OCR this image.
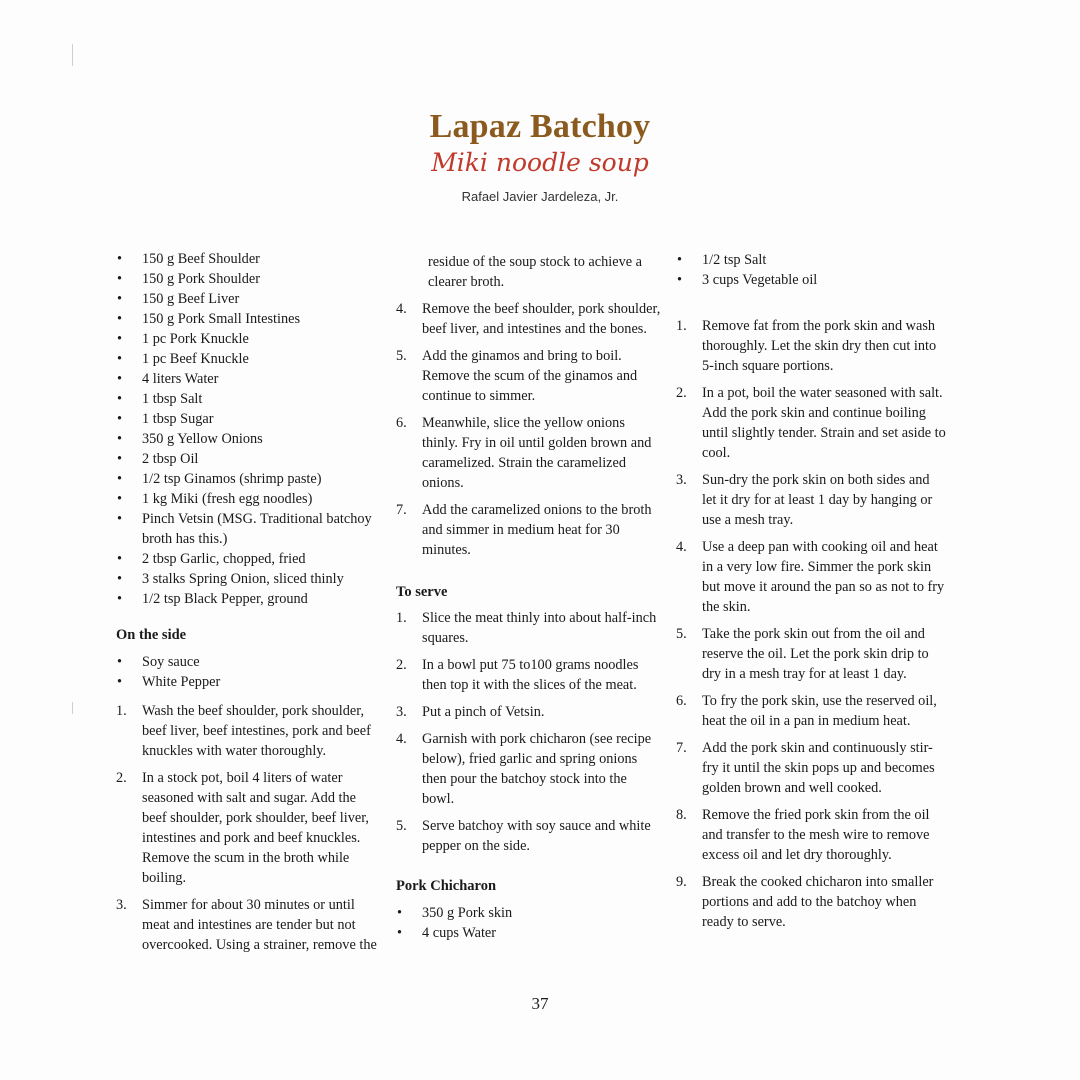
Lapaz Batchoy
Miki noodle soup
Rafael Javier Jardeleza, Jr.
• 150 g Beef Shoulder
• 150 g Pork Shoulder
• 150 g Beef Liver
• 150 g Pork Small Intestines
• 1 pc Pork Knuckle
• 1 pc Beef Knuckle
• 4 liters Water
• 1 tbsp Salt
• 1 tbsp Sugar
• 350 g Yellow Onions
• 2 tbsp Oil
• 1/2 tsp Ginamos (shrimp paste)
• 1 kg Miki (fresh egg noodles)
• Pinch Vetsin (MSG. Traditional batchoy broth has this.)
• 2 tbsp Garlic, chopped, fried
• 3 stalks Spring Onion, sliced thinly
• 1/2 tsp Black Pepper, ground
On the side
• Soy sauce
• White Pepper
1. Wash the beef shoulder, pork shoulder, beef liver, beef intestines, pork and beef knuckles with water thoroughly.
2. In a stock pot, boil 4 liters of water seasoned with salt and sugar. Add the beef shoulder, pork shoulder, beef liver, intestines and pork and beef knuckles. Remove the scum in the broth while boiling.
3. Simmer for about 30 minutes or until meat and intestines are tender but not overcooked. Using a strainer, remove the
residue of the soup stock to achieve a clearer broth.
4. Remove the beef shoulder, pork shoulder, beef liver, and intestines and the bones.
5. Add the ginamos and bring to boil. Remove the scum of the ginamos and continue to simmer.
6. Meanwhile, slice the yellow onions thinly. Fry in oil until golden brown and caramelized. Strain the caramelized onions.
7. Add the caramelized onions to the broth and simmer in medium heat for 30 minutes.
To serve
1. Slice the meat thinly into about half-inch squares.
2. In a bowl put 75 to100 grams noodles then top it with the slices of the meat.
3. Put a pinch of Vetsin.
4. Garnish with pork chicharon (see recipe below), fried garlic and spring onions then pour the batchoy stock into the bowl.
5. Serve batchoy with soy sauce and white pepper on the side.
Pork Chicharon
• 350 g Pork skin
• 4 cups Water
• 1/2 tsp Salt
• 3 cups Vegetable oil
1. Remove fat from the pork skin and wash thoroughly. Let the skin dry then cut into 5-inch square portions.
2. In a pot, boil the water seasoned with salt. Add the pork skin and continue boiling until slightly tender. Strain and set aside to cool.
3. Sun-dry the pork skin on both sides and let it dry for at least 1 day by hanging or use a mesh tray.
4. Use a deep pan with cooking oil and heat in a very low fire. Simmer the pork skin but move it around the pan so as not to fry the skin.
5. Take the pork skin out from the oil and reserve the oil. Let the pork skin drip to dry in a mesh tray for at least 1 day.
6. To fry the pork skin, use the reserved oil, heat the oil in a pan in medium heat.
7. Add the pork skin and continuously stir-fry it until the skin pops up and becomes golden brown and well cooked.
8. Remove the fried pork skin from the oil and transfer to the mesh wire to remove excess oil and let dry thoroughly.
9. Break the cooked chicharon into smaller portions and add to the batchoy when ready to serve.
37
